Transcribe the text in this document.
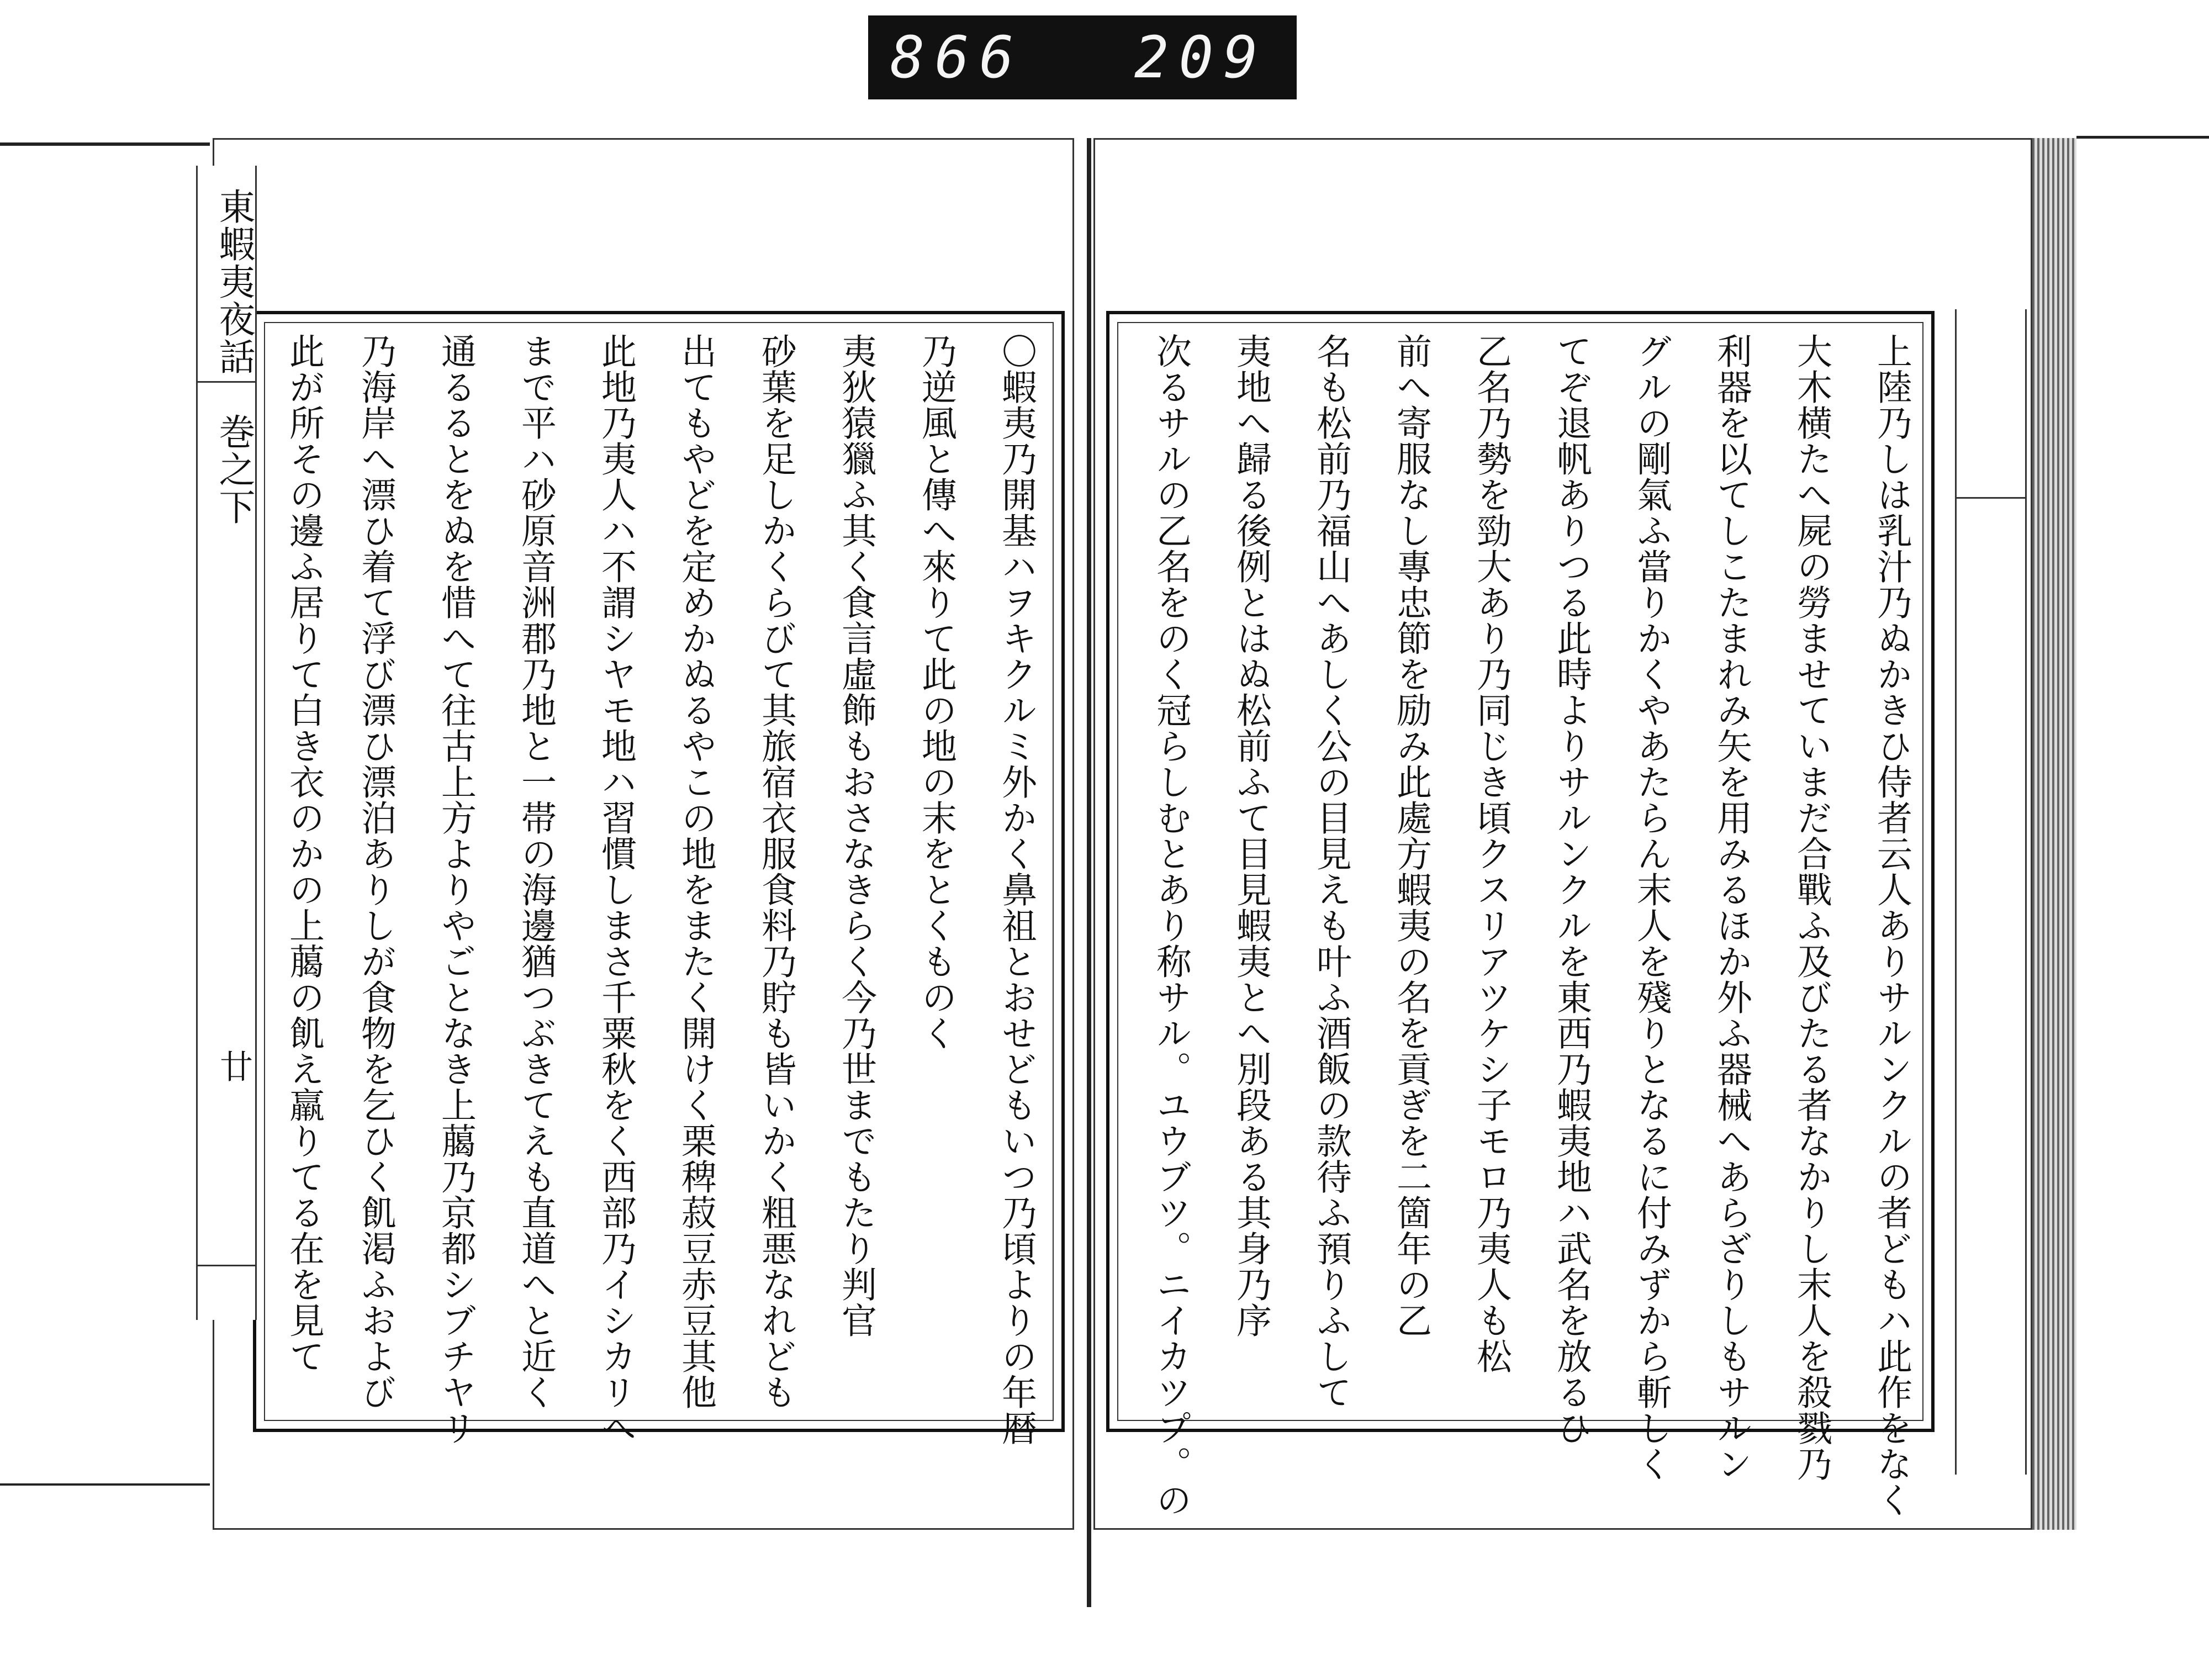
866 209
〇蝦夷乃開基ハヲキクルミ外かく鼻祖とおせどもいつ乃頃よりの年暦
乃逆風と傳へ來りて此の地の末をとくものく
夷狄猿獵ふ其く食言虛飾もおさなきらく今乃世までもたり判官
砂葉を足しかくらびて其旅宿衣服食料乃貯も皆いかく粗悪なれども
出てもやどを定めかぬるやこの地をまたく開けく栗稗菽豆赤豆其他
此地乃夷人ハ不謂シヤモ地ハ習慣しまさ千粟秋をく西部乃イシカリへ
まで平ハ砂原音洲郡乃地と一帯の海邊猶つぶきてえも直道へと近く
通るるとをぬを惜へて往古上方よりやごとなき上﨟乃京都シブチヤリ
乃海岸へ漂ひ着て浮び漂ひ漂泊ありしが食物を乞ひく飢渇ふおよび
此が所その邊ふ居りて白き衣のかの上﨟の飢え羸りてる在を見て
東蝦夷夜話　巻之下
廿	上陸乃しは乳汁乃ぬかきひ侍者云人ありサルンクルの者どもハ此作をなく
大木横たへ屍の勞ませていまだ合戰ふ及びたる者なかりし末人を殺戮乃
利器を以てしこたまれみ矢を用みるほか外ふ器械へあらざりしもサルン
グルの剛氣ふ當りかくやあたらん末人を殘りとなるに付みずから斬しく
てぞ退帆ありつる此時よりサルンクルを東西乃蝦夷地ハ武名を放るひ
乙名乃勢を勁大あり乃同じき頃クスリアツケシ子モロ乃夷人も松
前へ寄服なし專忠節を励み此處方蝦夷の名を貢ぎを二箇年の乙
名も松前乃福山へあしく公の目見えも叶ふ酒飯の款待ふ預りふして
夷地へ歸る後例とはぬ松前ふて目見蝦夷とへ別段ある其身乃序
次るサルの乙名をのく冠らしむとあり称サル。ユウブツ。ニイカツプ。の
